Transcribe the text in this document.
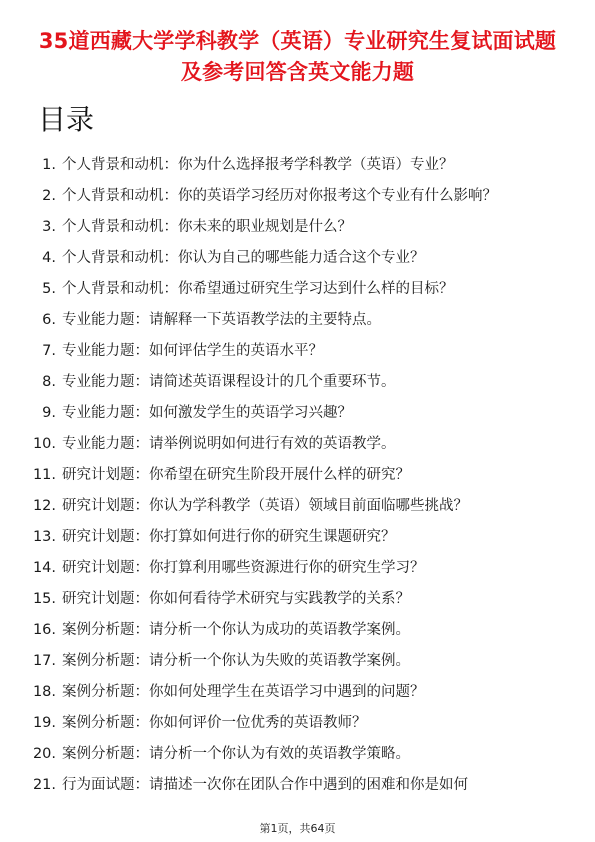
35道西藏大学学科教学（英语）专业研究生复试面试题及参考回答含英文能力题
目录
1. 个人背景和动机：你为什么选择报考学科教学（英语）专业？
2. 个人背景和动机：你的英语学习经历对你报考这个专业有什么影响？
3. 个人背景和动机：你未来的职业规划是什么？
4. 个人背景和动机：你认为自己的哪些能力适合这个专业？
5. 个人背景和动机：你希望通过研究生学习达到什么样的目标？
6. 专业能力题：请解释一下英语教学法的主要特点。
7. 专业能力题：如何评估学生的英语水平？
8. 专业能力题：请简述英语课程设计的几个重要环节。
9. 专业能力题：如何激发学生的英语学习兴趣？
10. 专业能力题：请举例说明如何进行有效的英语教学。
11. 研究计划题：你希望在研究生阶段开展什么样的研究？
12. 研究计划题：你认为学科教学（英语）领域目前面临哪些挑战？
13. 研究计划题：你打算如何进行你的研究生课题研究？
14. 研究计划题：你打算利用哪些资源进行你的研究生学习？
15. 研究计划题：你如何看待学术研究与实践教学的关系？
16. 案例分析题：请分析一个你认为成功的英语教学案例。
17. 案例分析题：请分析一个你认为失败的英语教学案例。
18. 案例分析题：你如何处理学生在英语学习中遇到的问题？
19. 案例分析题：你如何评价一位优秀的英语教师？
20. 案例分析题：请分析一个你认为有效的英语教学策略。
21. 行为面试题：请描述一次你在团队合作中遇到的困难和你是如何
第1页，共64页
